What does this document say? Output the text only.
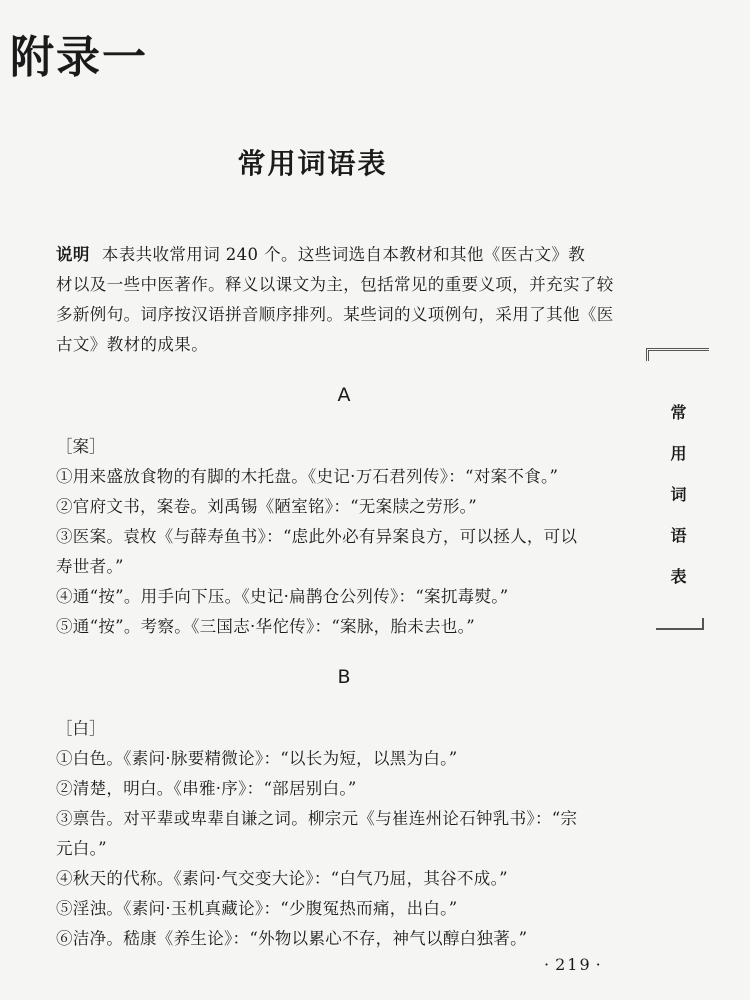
附录一
常用词语表

说明 本表共收常用词 240 个。这些词选自本教材和其他《医古文》教

材以及一些中医著作。释义以课文为主，包括常见的重要义项，并充实了较

多新例句。词序按汉语拼音顺序排列。某些词的义项例句，采用了其他《医

古文》教材的成果。

A

［案］

①用来盛放食物的有脚的木托盘。《史记·万石君列传》：“对案不食。”

②官府文书，案卷。刘禹锡《陋室铭》：“无案牍之劳形。”

③医案。袁枚《与薛寿鱼书》：“虑此外必有异案良方，可以拯人，可以

寿世者。”

④通“按”。用手向下压。《史记·扁鹊仓公列传》：“案扤毒熨。”

⑤通“按”。考察。《三国志·华佗传》：“案脉，胎未去也。”

B

［白］

①白色。《素问·脉要精微论》：“以长为短，以黑为白。”

②清楚，明白。《串雅·序》：“部居别白。”

③禀告。对平辈或卑辈自谦之词。柳宗元《与崔连州论石钟乳书》：“宗

元白。”

④秋天的代称。《素问·气交变大论》：“白气乃屈，其谷不成。”

⑤淫浊。《素问·玉机真藏论》：“少腹冤热而痛，出白。”

⑥洁净。嵇康《养生论》：“外物以累心不存，神气以醇白独著。”

常用词语表

· 219 ·
